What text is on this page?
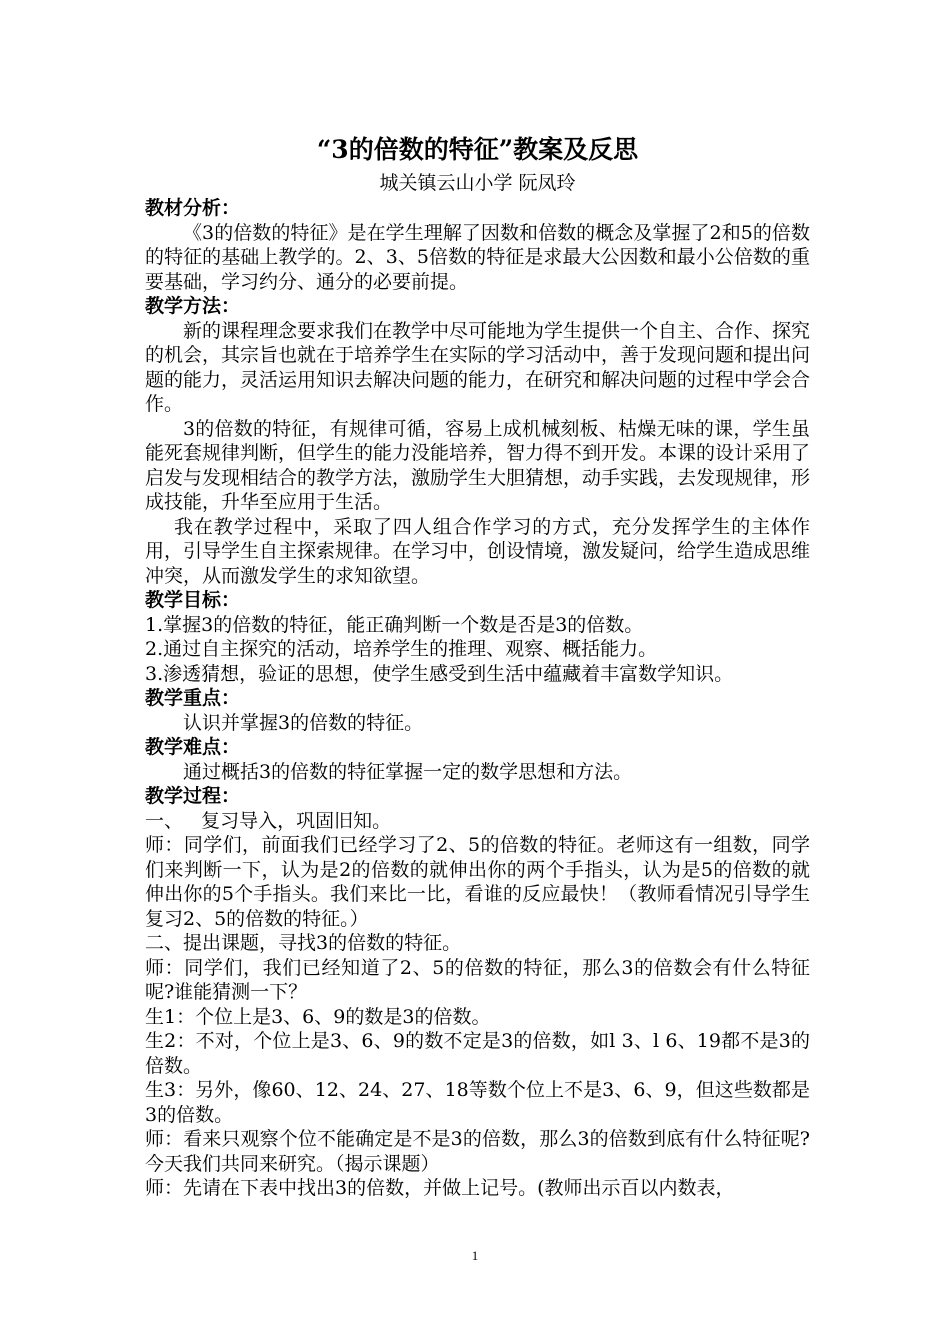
“3的倍数的特征”教案及反思

城关镇云山小学 阮凤玲

教材分析：

《3的倍数的特征》是在学生理解了因数和倍数的概念及掌握了2和5的倍数的特征的基础上教学的。2、3、5倍数的特征是求最大公因数和最小公倍数的重要基础，学习约分、通分的必要前提。

教学方法：

新的课程理念要求我们在教学中尽可能地为学生提供一个自主、合作、探究的机会，其宗旨也就在于培养学生在实际的学习活动中，善于发现问题和提出问题的能力，灵活运用知识去解决问题的能力，在研究和解决问题的过程中学会合作。

3的倍数的特征，有规律可循，容易上成机械刻板、枯燥无味的课，学生虽能死套规律判断，但学生的能力没能培养，智力得不到开发。本课的设计采用了启发与发现相结合的教学方法，激励学生大胆猜想，动手实践，去发现规律，形成技能，升华至应用于生活。

我在教学过程中，采取了四人组合作学习的方式，充分发挥学生的主体作用，引导学生自主探索规律。在学习中，创设情境，激发疑问，给学生造成思维冲突，从而激发学生的求知欲望。

教学目标：

1.掌握3的倍数的特征，能正确判断一个数是否是3的倍数。

2.通过自主探究的活动，培养学生的推理、观察、概括能力。

3.渗透猜想，验证的思想，使学生感受到生活中蕴藏着丰富数学知识。

教学重点：

认识并掌握3的倍数的特征。

教学难点：

通过概括3的倍数的特征掌握一定的数学思想和方法。

教学过程：

一、   复习导入，巩固旧知。

师：同学们，前面我们已经学习了2、5的倍数的特征。老师这有一组数，同学们来判断一下，认为是2的倍数的就伸出你的两个手指头，认为是5的倍数的就伸出你的5个手指头。我们来比一比，看谁的反应最快！（教师看情况引导学生复习2、5的倍数的特征。）

二、提出课题，寻找3的倍数的特征。

师：同学们，我们已经知道了2、5的倍数的特征，那么3的倍数会有什么特征呢?谁能猜测一下？

生1：个位上是3、6、9的数是3的倍数。

生2：不对，个位上是3、6、9的数不定是3的倍数，如l 3、l 6、19都不是3的倍数。

生3：另外，像60、12、24、27、18等数个位上不是3、6、9，但这些数都是3的倍数。

师：看来只观察个位不能确定是不是3的倍数，那么3的倍数到底有什么特征呢?今天我们共同来研究。（揭示课题）

师：先请在下表中找出3的倍数，并做上记号。(教师出示百以内数表，

1
